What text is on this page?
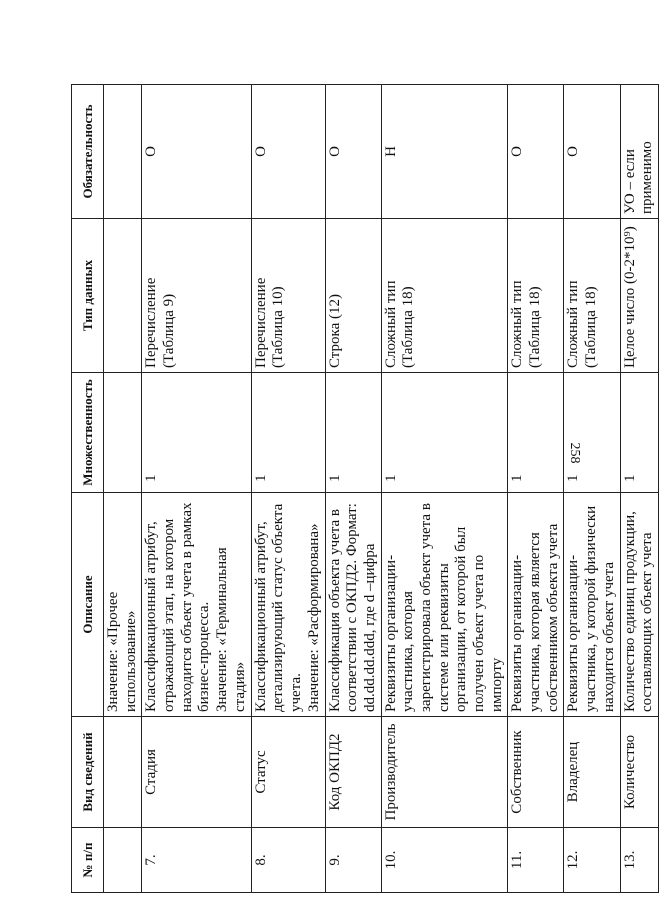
258
№ п/п	Вид сведений	Описание	Множественность	Тип данных	Обязательность
		Значение: «Прочее использование»			
7.	Стадия	Классификационный атрибут, отражающий этап, на котором находится объект учета в рамках бизнес-процесса. Значение: «Терминальная стадия»	1	Перечисление (Таблица 9)	О
8.	Статус	Классификационный атрибут, детализирующий статус объекта учета. Значение: «Расформирована»	1	Перечисление (Таблица 10)	О
9.	Код ОКПД2	Классификация объекта учета в соответствии с ОКПД2. Формат: dd.dd.dd.ddd, где d –цифра	1	Строка (12)	О
10.	Производитель	Реквизиты организации-участника, которая зарегистрировала объект учета в системе или реквизиты организации, от которой был получен объект учета по импорту	1	Сложный тип (Таблица 18)	Н
11.	Собственник	Реквизиты организации-участника, которая является собственником объекта учета	1	Сложный тип (Таблица 18)	О
12.	Владелец	Реквизиты организации-участника, у которой физически находится объект учета	1	Сложный тип (Таблица 18)	О
13.	Количество	Количество единиц продукции, составляющих объект учета	1	Целое число (0-2*10⁹)	УО – если применимо
